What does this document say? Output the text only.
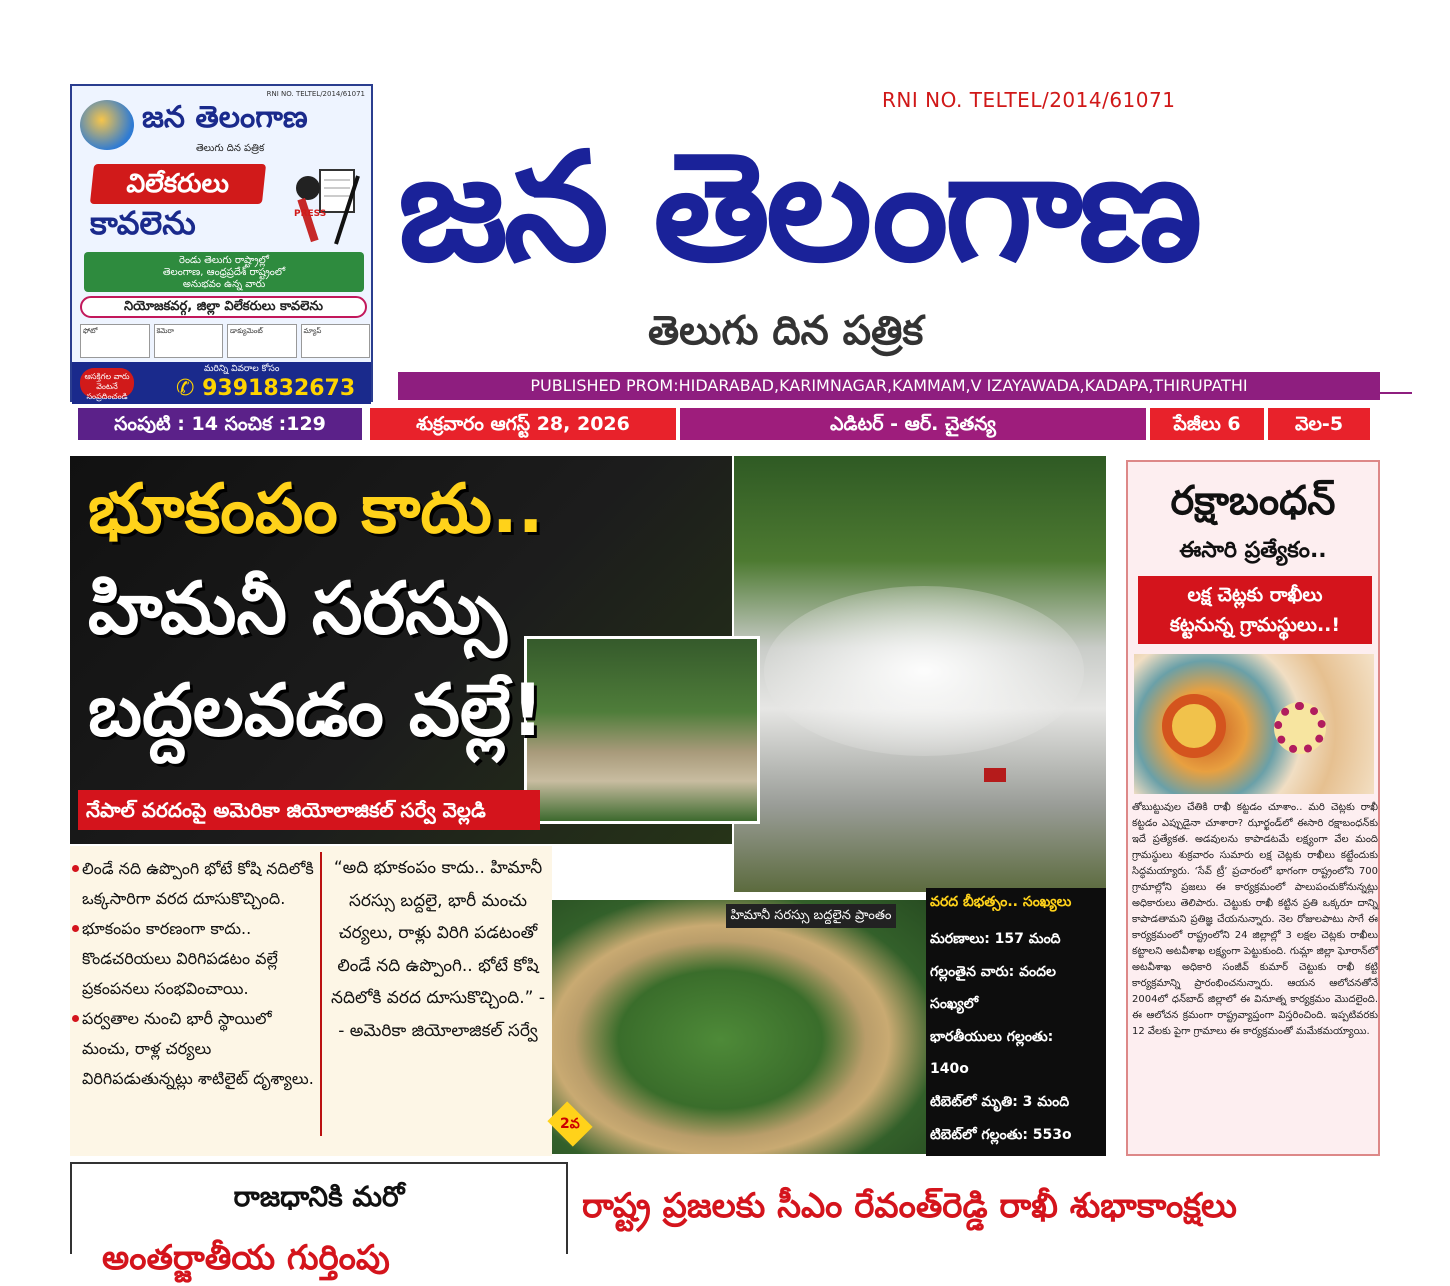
RNI NO. TELTEL/2014/61071
జన తెలంగాణ
తెలుగు దిన పత్రిక
విలేకరులు
కావలెను	PRESS
రెండు తెలుగు రాష్ట్రాల్లో
తెలంగాణ, ఆంధ్రప్రదేశ్ రాష్ట్రంలో
అనుభవం ఉన్న వారు
నియోజకవర్గ, జిల్లా విలేకరులు కావలెను
ఫోటో	కెమెరా	డాక్యుమెంట్	మ్యాప్
ఆసక్తిగల వారు వెంటనే సంప్రదించండి
మరిన్ని వివరాల కోసం
✆ 9391832673
RNI NO. TELTEL/2014/61071
జన తెలంగాణ
తెలుగు దిన పత్రిక
PUBLISHED PROM:HIDARABAD,KARIMNAGAR,KAMMAM,V IZAYAWADA,KADAPA,THIRUPATHI
సంపుటి : 14 సంచిక :129	శుక్రవారం ఆగస్ట్ 28, 2026	ఎడిటర్ - ఆర్. చైతన్య	పేజీలు 6	వెల-5
భూకంపం కాదు..
హిమనీ సరస్సు
బద్దలవడం వల్లే!
నేపాల్ వరదంపై అమెరికా జియోలాజికల్ సర్వే వెల్లడి
లిండే నది ఉప్పొంగి భోటే కోషి నదిలోకి ఒక్కసారిగా వరద దూసుకొచ్చింది.
భూకంపం కారణంగా కాదు.. కొండచరియలు విరిగిపడటం వల్లే ప్రకంపనలు సంభవించాయి.
పర్వతాల నుంచి భారీ స్థాయిలో మంచు, రాళ్ల చర్యలు విరిగిపడుతున్నట్లు శాటిలైట్ దృశ్యాలు.
“అది భూకంపం కాదు.. హిమానీ సరస్సు బద్దలై, భారీ మంచు చర్యలు, రాళ్లు విరిగి పడటంతో లిండే నది ఉప్పొంగి.. భోటే కోషి నదిలోకి వరద దూసుకొచ్చింది.” -- అమెరికా జియోలాజికల్ సర్వే
హిమానీ సరస్సు బద్దలైన ప్రాంతం
2వ
వరద బీభత్సం.. సంఖ్యలు
మరణాలు: 157 మంది
గల్లంతైన వారు: వందల
సంఖ్యలో
భారతీయులు గల్లంతు:
140o
టిబెట్‌లో మృతి: 3 మంది
టిబెట్‌లో గల్లంతు: 553o
రక్షాబంధన్
ఈసారి ప్రత్యేకం..
లక్ష చెట్లకు రాఖీలు
కట్టనున్న గ్రామస్థులు..!
తోబుట్టువుల చేతికి రాఖీ కట్టడం చూశాం.. మరి చెట్లకు రాఖీ కట్టడం ఎప్పుడైనా చూశారా? ఝార్ఖండ్‌లో ఈసారి రక్షాబంధన్‌కు ఇదే ప్రత్యేకత. అడవులను కాపాడటమే లక్ష్యంగా వేల మంది గ్రామస్థులు శుక్రవారం సుమారు లక్ష చెట్లకు రాఖీలు కట్టేందుకు సిద్ధమయ్యారు. ‘సేవ్ ట్రీ’ ప్రచారంలో భాగంగా రాష్ట్రంలోని 700 గ్రామాల్లోని ప్రజలు ఈ కార్యక్రమంలో పాలుపంచుకోనున్నట్లు అధికారులు తెలిపారు. చెట్టుకు రాఖీ కట్టిన ప్రతి ఒక్కరూ దాన్ని కాపాడతామని ప్రతిజ్ఞ చేయనున్నారు. నెల రోజులపాటు సాగే ఈ కార్యక్రమంలో రాష్ట్రంలోని 24 జిల్లాల్లో 3 లక్షల చెట్లకు రాఖీలు కట్టాలని అటవీశాఖ లక్ష్యంగా పెట్టుకుంది. గుమ్లా జిల్లా ఘోరాన్‌లో అటవీశాఖ అధికారి సంజీవ్ కుమార్ చెట్టుకు రాఖీ కట్టి కార్యక్రమాన్ని ప్రారంభించనున్నారు. ఆయన ఆలోచనతోనే 2004లో ధన్‌బాద్ జిల్లాలో ఈ వినూత్న కార్యక్రమం మొదలైంది. ఈ ఆలోచన క్రమంగా రాష్ట్రవ్యాప్తంగా విస్తరించింది. ఇప్పటివరకు 12 వేలకు పైగా గ్రామాలు ఈ కార్యక్రమంతో మమేకమయ్యాయి.
రాజధానికి మరో
అంతర్జాతీయ గుర్తింపు
రాష్ట్ర ప్రజలకు సీఎం రేవంత్‌రెడ్డి రాఖీ శుభాకాంక్షలు
